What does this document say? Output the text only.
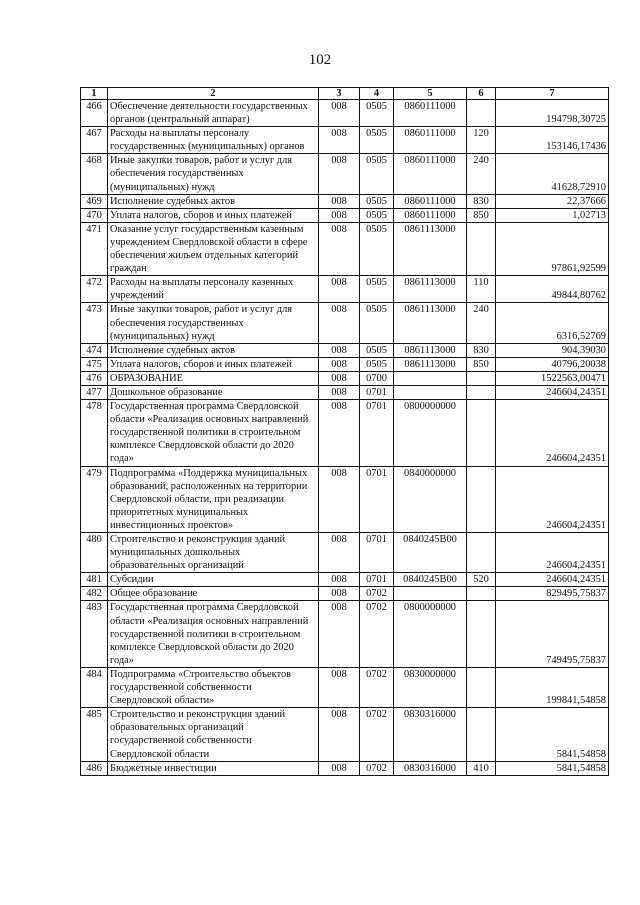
102
1	2	3	4	5	6	7
466	Обеспечение деятельности государственных органов (центральный аппарат)	008	0505	0860111000		194798,30725
467	Расходы на выплаты персоналу государственных (муниципальных) органов	008	0505	0860111000	120	153146,17436
468	Иные закупки товаров, работ и услуг для обеспечения государственных (муниципальных) нужд	008	0505	0860111000	240	41628,72910
469	Исполнение судебных актов	008	0505	0860111000	830	22,37666
470	Уплата налогов, сборов и иных платежей	008	0505	0860111000	850	1,02713
471	Оказание услуг государственным казенным учреждением Свердловской области в сфере обеспечения жильем отдельных категорий граждан	008	0505	0861113000		97861,92599
472	Расходы на выплаты персоналу казенных учреждений	008	0505	0861113000	110	49844,80762
473	Иные закупки товаров, работ и услуг для обеспечения государственных (муниципальных) нужд	008	0505	0861113000	240	6316,52769
474	Исполнение судебных актов	008	0505	0861113000	830	904,39030
475	Уплата налогов, сборов и иных платежей	008	0505	0861113000	850	40796,20038
476	ОБРАЗОВАНИЕ	008	0700			1522563,00471
477	Дошкольное образование	008	0701			246604,24351
478	Государственная программа Свердловской области «Реализация основных направлений государственной политики в строительном комплексе Свердловской области до 2020 года»	008	0701	0800000000		246604,24351
479	Подпрограмма «Поддержка муниципальных образований, расположенных на территории Свердловской области, при реализации приоритетных муниципальных инвестиционных проектов»	008	0701	0840000000		246604,24351
480	Строительство и реконструкция зданий муниципальных дошкольных образовательных организаций	008	0701	0840245В00		246604,24351
481	Субсидии	008	0701	0840245В00	520	246604,24351
482	Общее образование	008	0702			829495,75837
483	Государственная программа Свердловской области «Реализация основных направлений государственной политики в строительном комплексе Свердловской области до 2020 года»	008	0702	0800000000		749495,75837
484	Подпрограмма «Строительство объектов государственной собственности Свердловской области»	008	0702	0830000000		199841,54858
485	Строительство и реконструкция зданий образовательных организаций государственной собственности Свердловской области	008	0702	0830316000		5841,54858
486	Бюджетные инвестиции	008	0702	0830316000	410	5841,54858
